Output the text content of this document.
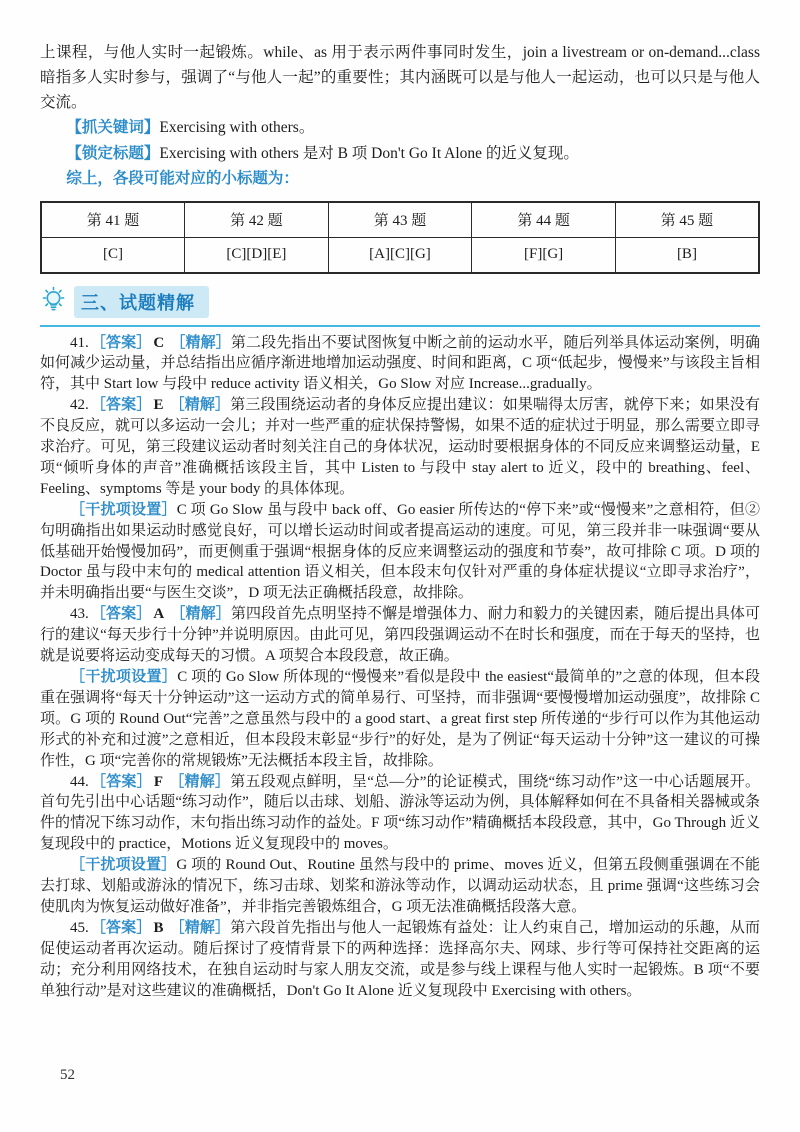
上课程，与他人实时一起锻炼。while、as 用于表示两件事同时发生，join a livestream or on-demand...class 暗指多人实时参与，强调了“与他人一起”的重要性；其内涵既可以是与他人一起运动，也可以只是与他人交流。

【抓关键词】Exercising with others。

【锁定标题】Exercising with others 是对 B 项 Don't Go It Alone 的近义复现。

综上，各段可能对应的小标题为：

第 41 题	第 42 题	第 43 题	第 44 题	第 45 题
[C]	[C][D][E]	[A][C][G]	[F][G]	[B]
三、试题精解

41. ［答案］ C ［精解］第二段先指出不要试图恢复中断之前的运动水平，随后列举具体运动案例，明确如何减少运动量，并总结指出应循序渐进地增加运动强度、时间和距离，C 项“低起步，慢慢来”与该段主旨相符，其中 Start low 与段中 reduce activity 语义相关，Go Slow 对应 Increase...gradually。

42. ［答案］ E ［精解］第三段围绕运动者的身体反应提出建议：如果喘得太厉害，就停下来；如果没有不良反应，就可以多运动一会儿；并对一些严重的症状保持警惕，如果不适的症状过于明显，那么需要立即寻求治疗。可见，第三段建议运动者时刻关注自己的身体状况，运动时要根据身体的不同反应来调整运动量，E 项“倾听身体的声音”准确概括该段主旨，其中 Listen to 与段中 stay alert to 近义，段中的 breathing、feel、Feeling、symptoms 等是 your body 的具体体现。

［干扰项设置］C 项 Go Slow 虽与段中 back off、Go easier 所传达的“停下来”或“慢慢来”之意相符，但②句明确指出如果运动时感觉良好，可以增长运动时间或者提高运动的速度。可见，第三段并非一味强调“要从低基础开始慢慢加码”，而更侧重于强调“根据身体的反应来调整运动的强度和节奏”，故可排除 C 项。D 项的 Doctor 虽与段中末句的 medical attention 语义相关，但本段末句仅针对严重的身体症状提议“立即寻求治疗”，并未明确指出要“与医生交谈”，D 项无法正确概括段意，故排除。

43. ［答案］ A ［精解］第四段首先点明坚持不懈是增强体力、耐力和毅力的关键因素，随后提出具体可行的建议“每天步行十分钟”并说明原因。由此可见，第四段强调运动不在时长和强度，而在于每天的坚持，也就是说要将运动变成每天的习惯。A 项契合本段段意，故正确。

［干扰项设置］C 项的 Go Slow 所体现的“慢慢来”看似是段中 the easiest“最简单的”之意的体现，但本段重在强调将“每天十分钟运动”这一运动方式的简单易行、可坚持，而非强调“要慢慢增加运动强度”，故排除 C 项。G 项的 Round Out“完善”之意虽然与段中的 a good start、a great first step 所传递的“步行可以作为其他运动形式的补充和过渡”之意相近，但本段段末彰显“步行”的好处，是为了例证“每天运动十分钟”这一建议的可操作性，G 项“完善你的常规锻炼”无法概括本段主旨，故排除。

44. ［答案］ F ［精解］第五段观点鲜明，呈“总—分”的论证模式，围绕“练习动作”这一中心话题展开。首句先引出中心话题“练习动作”，随后以击球、划船、游泳等运动为例，具体解释如何在不具备相关器械或条件的情况下练习动作，末句指出练习动作的益处。F 项“练习动作”精确概括本段段意，其中，Go Through 近义复现段中的 practice，Motions 近义复现段中的 moves。

［干扰项设置］G 项的 Round Out、Routine 虽然与段中的 prime、moves 近义，但第五段侧重强调在不能去打球、划船或游泳的情况下，练习击球、划桨和游泳等动作，以调动运动状态，且 prime 强调“这些练习会使肌肉为恢复运动做好准备”，并非指完善锻炼组合，G 项无法准确概括段落大意。

45. ［答案］ B ［精解］第六段首先指出与他人一起锻炼有益处：让人约束自己，增加运动的乐趣，从而促使运动者再次运动。随后探讨了疫情背景下的两种选择：选择高尔夫、网球、步行等可保持社交距离的运动；充分利用网络技术，在独自运动时与家人朋友交流，或是参与线上课程与他人实时一起锻炼。B 项“不要单独行动”是对这些建议的准确概括，Don't Go It Alone 近义复现段中 Exercising with others。

52
